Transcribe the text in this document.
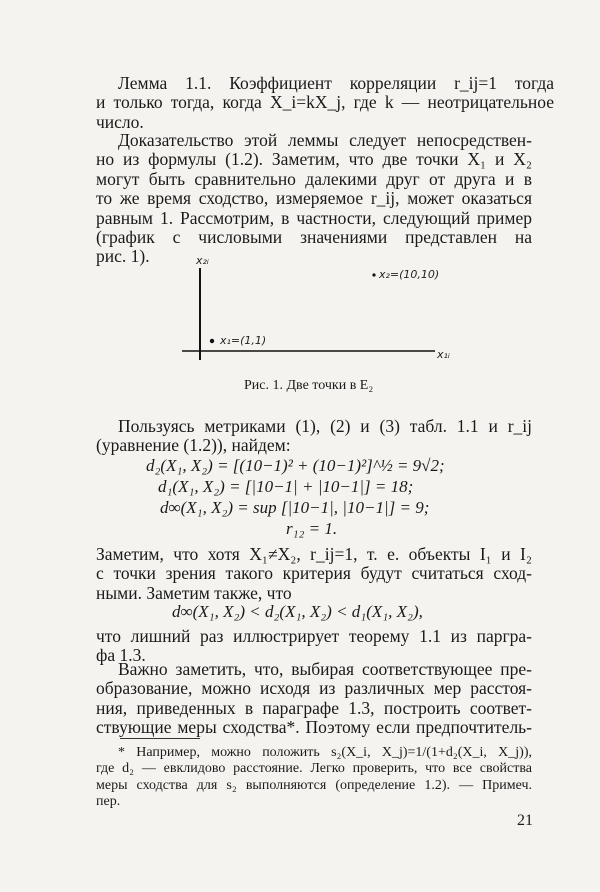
Лемма 1.1. Коэффициент корреляции r_ij=1 тогда
и только тогда, когда X_i=kX_j, где k — неотрицательное
число.
Доказательство этой леммы следует непосредствен-
но из формулы (1.2). Заметим, что две точки X₁ и X₂
могут быть сравнительно далекими друг от друга и в
то же время сходство, измеряемое r_ij, может оказаться
равным 1. Рассмотрим, в частности, следующий пример
(график с числовыми значениями представлен на
рис. 1).	x₂ᵢ
x₁ᵢ
x₁=(1,1)
x₂=(10,10)
Рис. 1. Две точки в E₂
Пользуясь метриками (1), (2) и (3) табл. 1.1 и r_ij
(уравнение (1.2)), найдем:
d₂(X₁, X₂) = [(10−1)² + (10−1)²]^½ = 9√2;
d₁(X₁, X₂) = [|10−1| + |10−1|] = 18;
d∞(X₁, X₂) = sup [|10−1|, |10−1|] = 9;
r₁₂ = 1.
Заметим, что хотя X₁≠X₂, r_ij=1, т. е. объекты I₁ и I₂
с точки зрения такого критерия будут считаться сход-
ными. Заметим также, что
d∞(X₁, X₂) < d₂(X₁, X₂) < d₁(X₁, X₂),
что лишний раз иллюстрирует теорему 1.1 из паргра-
фа 1.3.
Важно заметить, что, выбирая соответствующее пре-
образование, можно исходя из различных мер расстоя-
ния, приведенных в параграфе 1.3, построить соответ-
ствующие меры сходства*. Поэтому если предпочтитель-
* Например, можно положить s₂(X_i, X_j)=1/(1+d₂(X_i, X_j)),
где d₂ — евклидово расстояние. Легко проверить, что все свойства
меры сходства для s₂ выполняются (определение 1.2). — Примеч.
пер.
21
